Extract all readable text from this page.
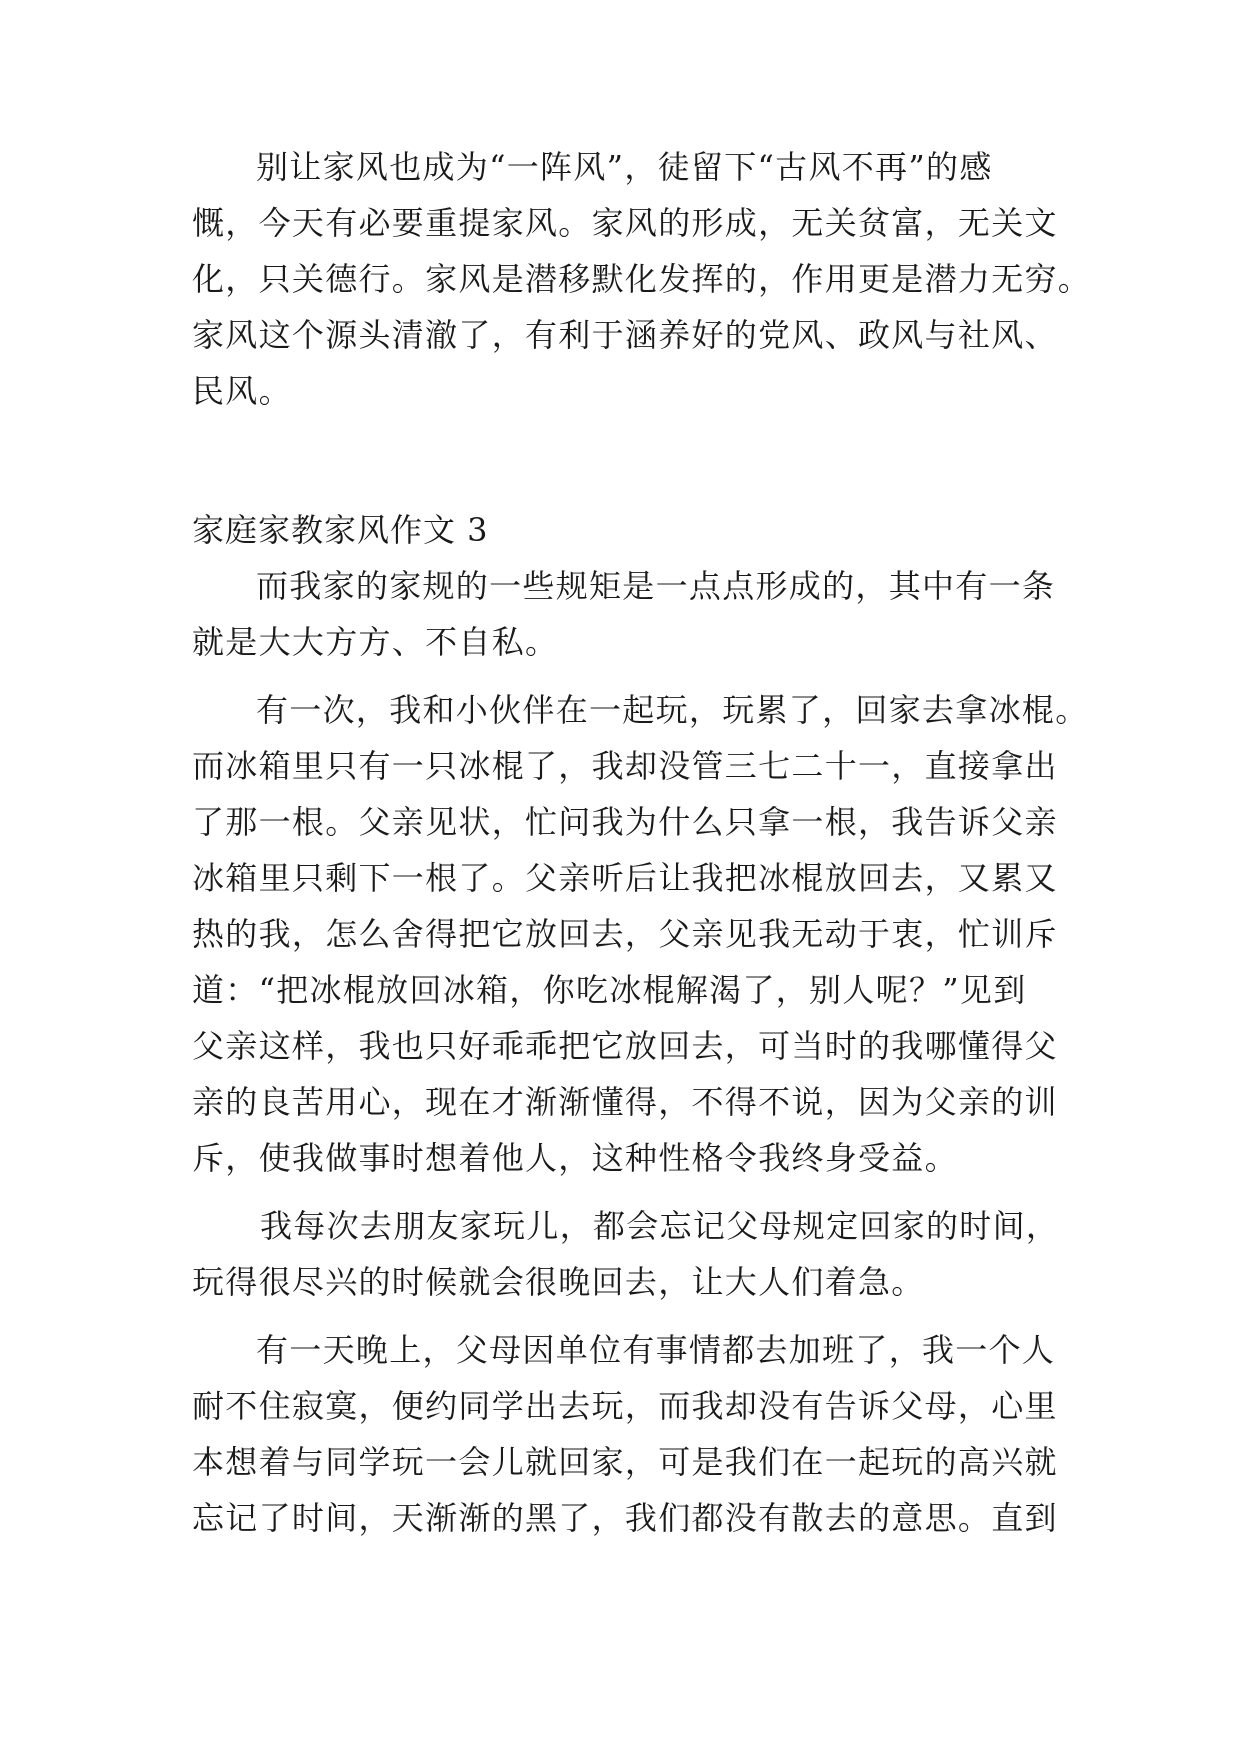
别让家风也成为“一阵风”，徒留下“古风不再”的感
慨，今天有必要重提家风。家风的形成，无关贫富，无关文
化，只关德行。家风是潜移默化发挥的，作用更是潜力无穷。
家风这个源头清澈了，有利于涵养好的党风、政风与社风、
民风。
家庭家教家风作文 3
而我家的家规的一些规矩是一点点形成的，其中有一条
就是大大方方、不自私。
有一次，我和小伙伴在一起玩，玩累了，回家去拿冰棍。
而冰箱里只有一只冰棍了，我却没管三七二十一，直接拿出
了那一根。父亲见状，忙问我为什么只拿一根，我告诉父亲
冰箱里只剩下一根了。父亲听后让我把冰棍放回去，又累又
热的我，怎么舍得把它放回去，父亲见我无动于衷，忙训斥
道：“把冰棍放回冰箱，你吃冰棍解渴了，别人呢？”见到
父亲这样，我也只好乖乖把它放回去，可当时的我哪懂得父
亲的良苦用心，现在才渐渐懂得，不得不说，因为父亲的训
斥，使我做事时想着他人，这种性格令我终身受益。
我每次去朋友家玩儿，都会忘记父母规定回家的时间，
玩得很尽兴的时候就会很晚回去，让大人们着急。
有一天晚上，父母因单位有事情都去加班了，我一个人
耐不住寂寞，便约同学出去玩，而我却没有告诉父母，心里
本想着与同学玩一会儿就回家，可是我们在一起玩的高兴就
忘记了时间，天渐渐的黑了，我们都没有散去的意思。直到
